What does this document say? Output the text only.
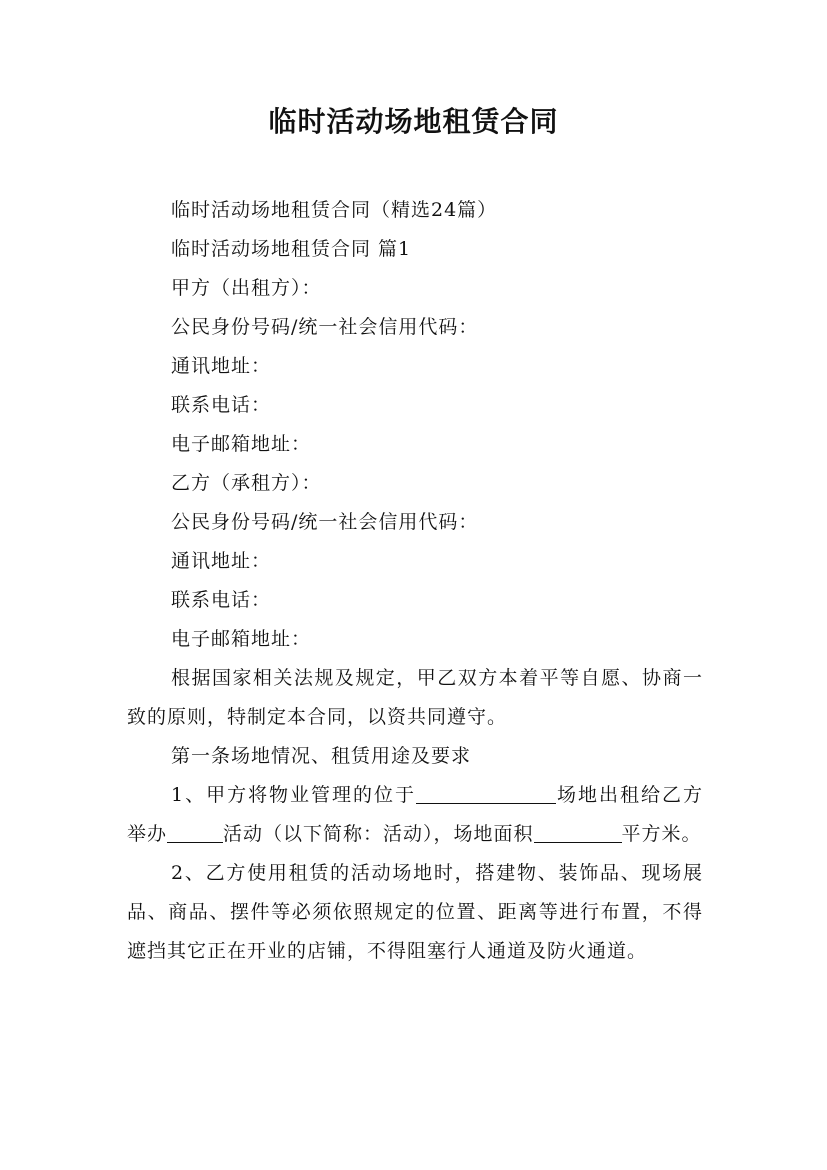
临时活动场地租赁合同
临时活动场地租赁合同（精选24篇）
临时活动场地租赁合同 篇1
甲方（出租方）：
公民身份号码/统一社会信用代码：
通讯地址：
联系电话：
电子邮箱地址：
乙方（承租方）：
公民身份号码/统一社会信用代码：
通讯地址：
联系电话：
电子邮箱地址：
根据国家相关法规及规定，甲乙双方本着平等自愿、协商一致的原则，特制定本合同，以资共同遵守。
第一条场地情况、租赁用途及要求
1、甲方将物业管理的位于	场地出租给乙方举办	活动（以下简称：活动），场地面积	平方米。
2、乙方使用租赁的活动场地时，搭建物、装饰品、现场展品、商品、摆件等必须依照规定的位置、距离等进行布置，不得遮挡其它正在开业的店铺，不得阻塞行人通道及防火通道。
